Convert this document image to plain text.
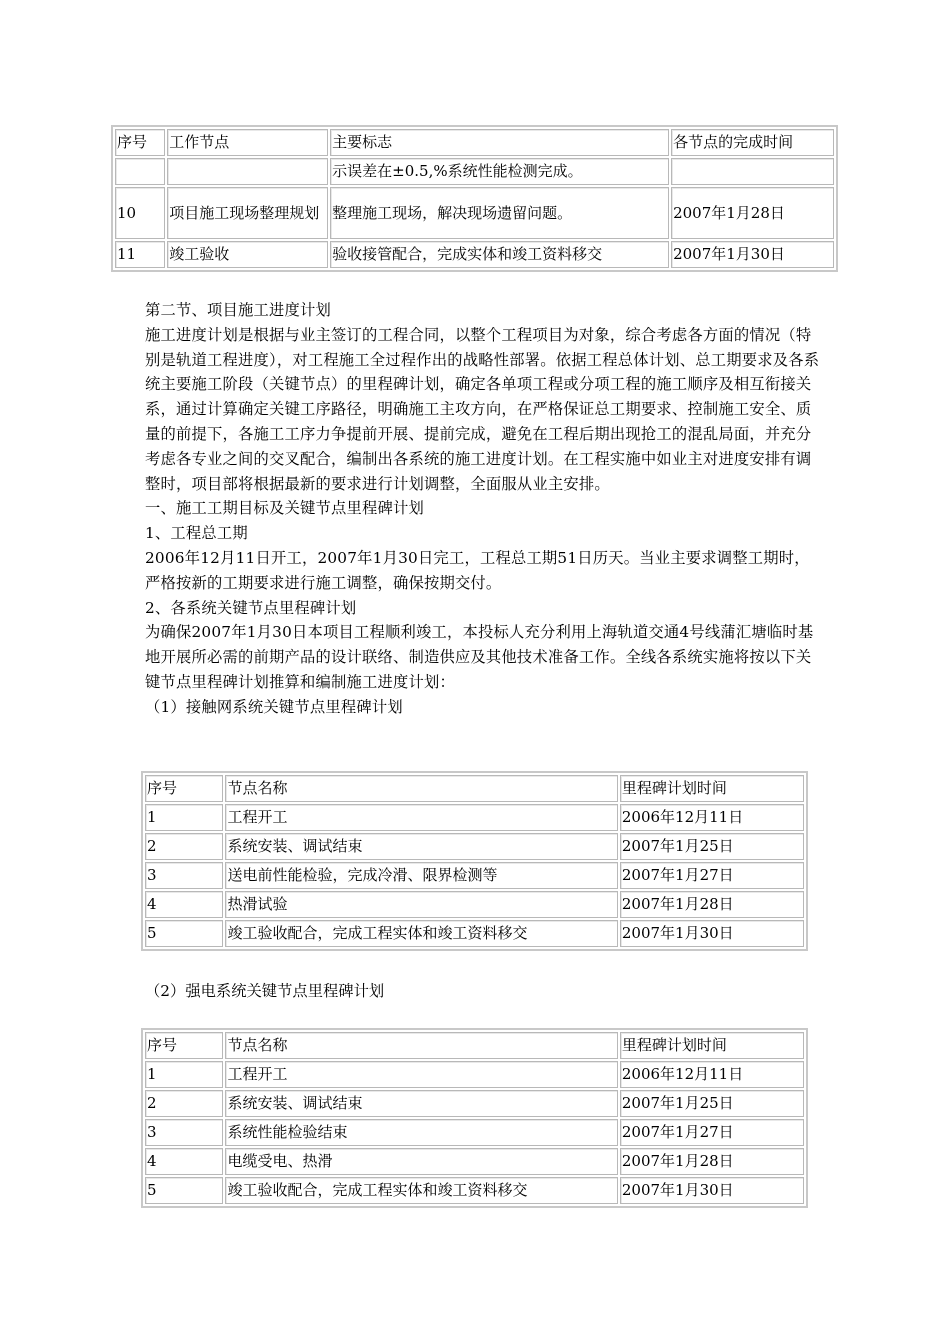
序号	工作节点	主要标志	各节点的完成时间
		示误差在±0.5,%系统性能检测完成。	
10	项目施工现场整理规划	整理施工现场，解决现场遗留问题。	2007年1月28日
11	竣工验收	验收接管配合，完成实体和竣工资料移交	2007年1月30日

第二节、项目施工进度计划

施工进度计划是根据与业主签订的工程合同，以整个工程项目为对象，综合考虑各方面的情况（特别是轨道工程进度），对工程施工全过程作出的战略性部署。依据工程总体计划、总工期要求及各系统主要施工阶段（关键节点）的里程碑计划，确定各单项工程或分项工程的施工顺序及相互衔接关系，通过计算确定关键工序路径，明确施工主攻方向，在严格保证总工期要求、控制施工安全、质量的前提下，各施工工序力争提前开展、提前完成，避免在工程后期出现抢工的混乱局面，并充分考虑各专业之间的交叉配合，编制出各系统的施工进度计划。在工程实施中如业主对进度安排有调整时，项目部将根据最新的要求进行计划调整，全面服从业主安排。

一、施工工期目标及关键节点里程碑计划

1、工程总工期

2006年12月11日开工，2007年1月30日完工，工程总工期51日历天。当业主要求调整工期时，严格按新的工期要求进行施工调整，确保按期交付。

2、各系统关键节点里程碑计划

为确保2007年1月30日本项目工程顺利竣工，本投标人充分利用上海轨道交通4号线蒲汇塘临时基地开展所必需的前期产品的设计联络、制造供应及其他技术准备工作。全线各系统实施将按以下关键节点里程碑计划推算和编制施工进度计划：

（1）接触网系统关键节点里程碑计划

序号	节点名称	里程碑计划时间
1	工程开工	2006年12月11日
2	系统安装、调试结束	2007年1月25日
3	送电前性能检验，完成冷滑、限界检测等	2007年1月27日
4	热滑试验	2007年1月28日
5	竣工验收配合，完成工程实体和竣工资料移交	2007年1月30日
（2）强电系统关键节点里程碑计划
序号	节点名称	里程碑计划时间
1	工程开工	2006年12月11日
2	系统安装、调试结束	2007年1月25日
3	系统性能检验结束	2007年1月27日
4	电缆受电、热滑	2007年1月28日
5	竣工验收配合，完成工程实体和竣工资料移交	2007年1月30日
